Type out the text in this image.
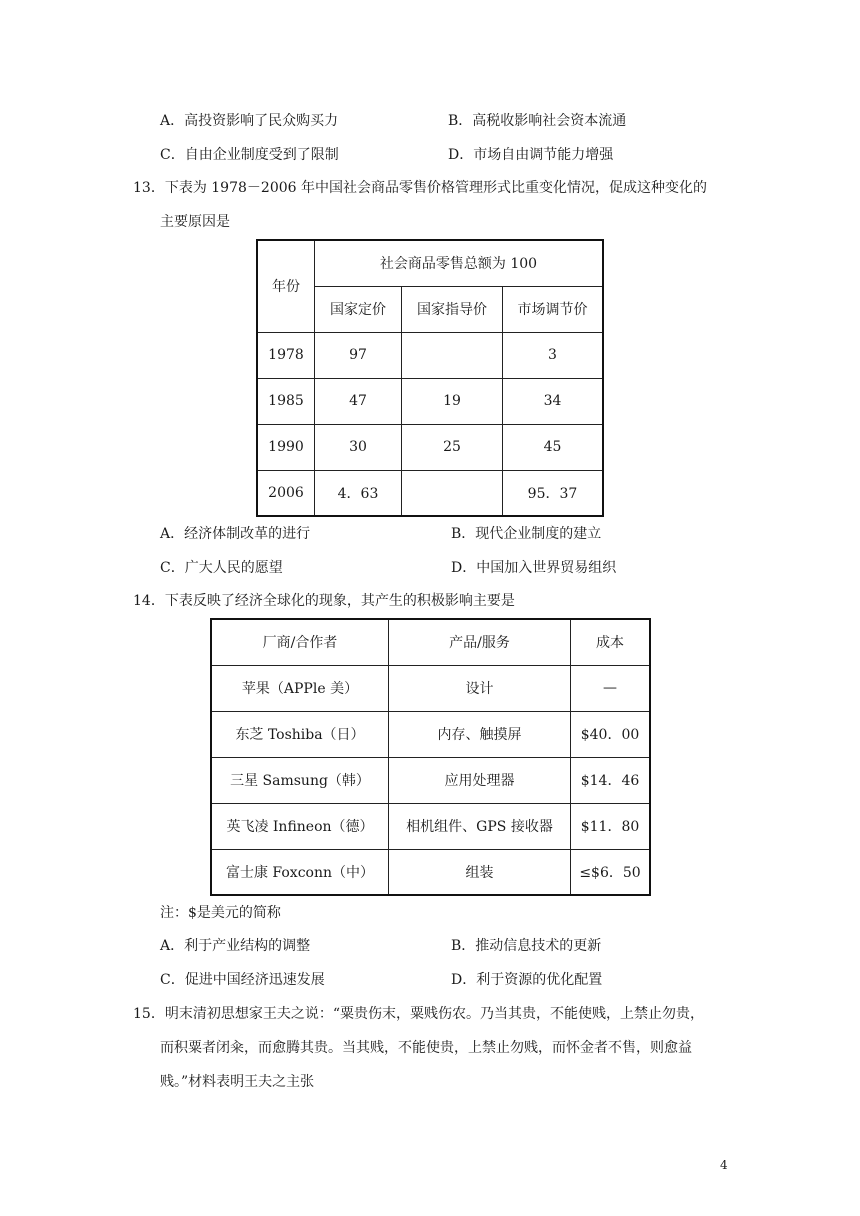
A．高投资影响了民众购买力	B．高税收影响社会资本流通
C．自由企业制度受到了限制	D．市场自由调节能力增强
13．下表为 1978－2006 年中国社会商品零售价格管理形式比重变化情况，促成这种变化的
主要原因是
年份	社会商品零售总额为 100		
	国家定价	国家指导价	市场调节价
1978	97		3
1985	47	19	34
1990	30	25	45
2006	4．63		95．37
A．经济体制改革的进行	B．现代企业制度的建立
C．广大人民的愿望	D．中国加入世界贸易组织
14．下表反映了经济全球化的现象，其产生的积极影响主要是
厂商/合作者	产品/服务	成本
苹果（APPle 美）	设计	—
东芝 Toshiba（日）	内存、触摸屏	$40．00
三星 Samsung（韩）	应用处理器	$14．46
英飞凌 Infineon（德）	相机组件、GPS 接收器	$11．80
富士康 Foxconn（中）	组装	≤$6．50
注：$是美元的简称
A．利于产业结构的调整	B．推动信息技术的更新
C．促进中国经济迅速发展	D．利于资源的优化配置
15．明末清初思想家王夫之说：“粟贵伤末，粟贱伤农。乃当其贵，不能使贱，上禁止勿贵，
而积粟者闭籴，而愈腾其贵。当其贱，不能使贵，上禁止勿贱，而怀金者不售，则愈益
贱。”材料表明王夫之主张
4
